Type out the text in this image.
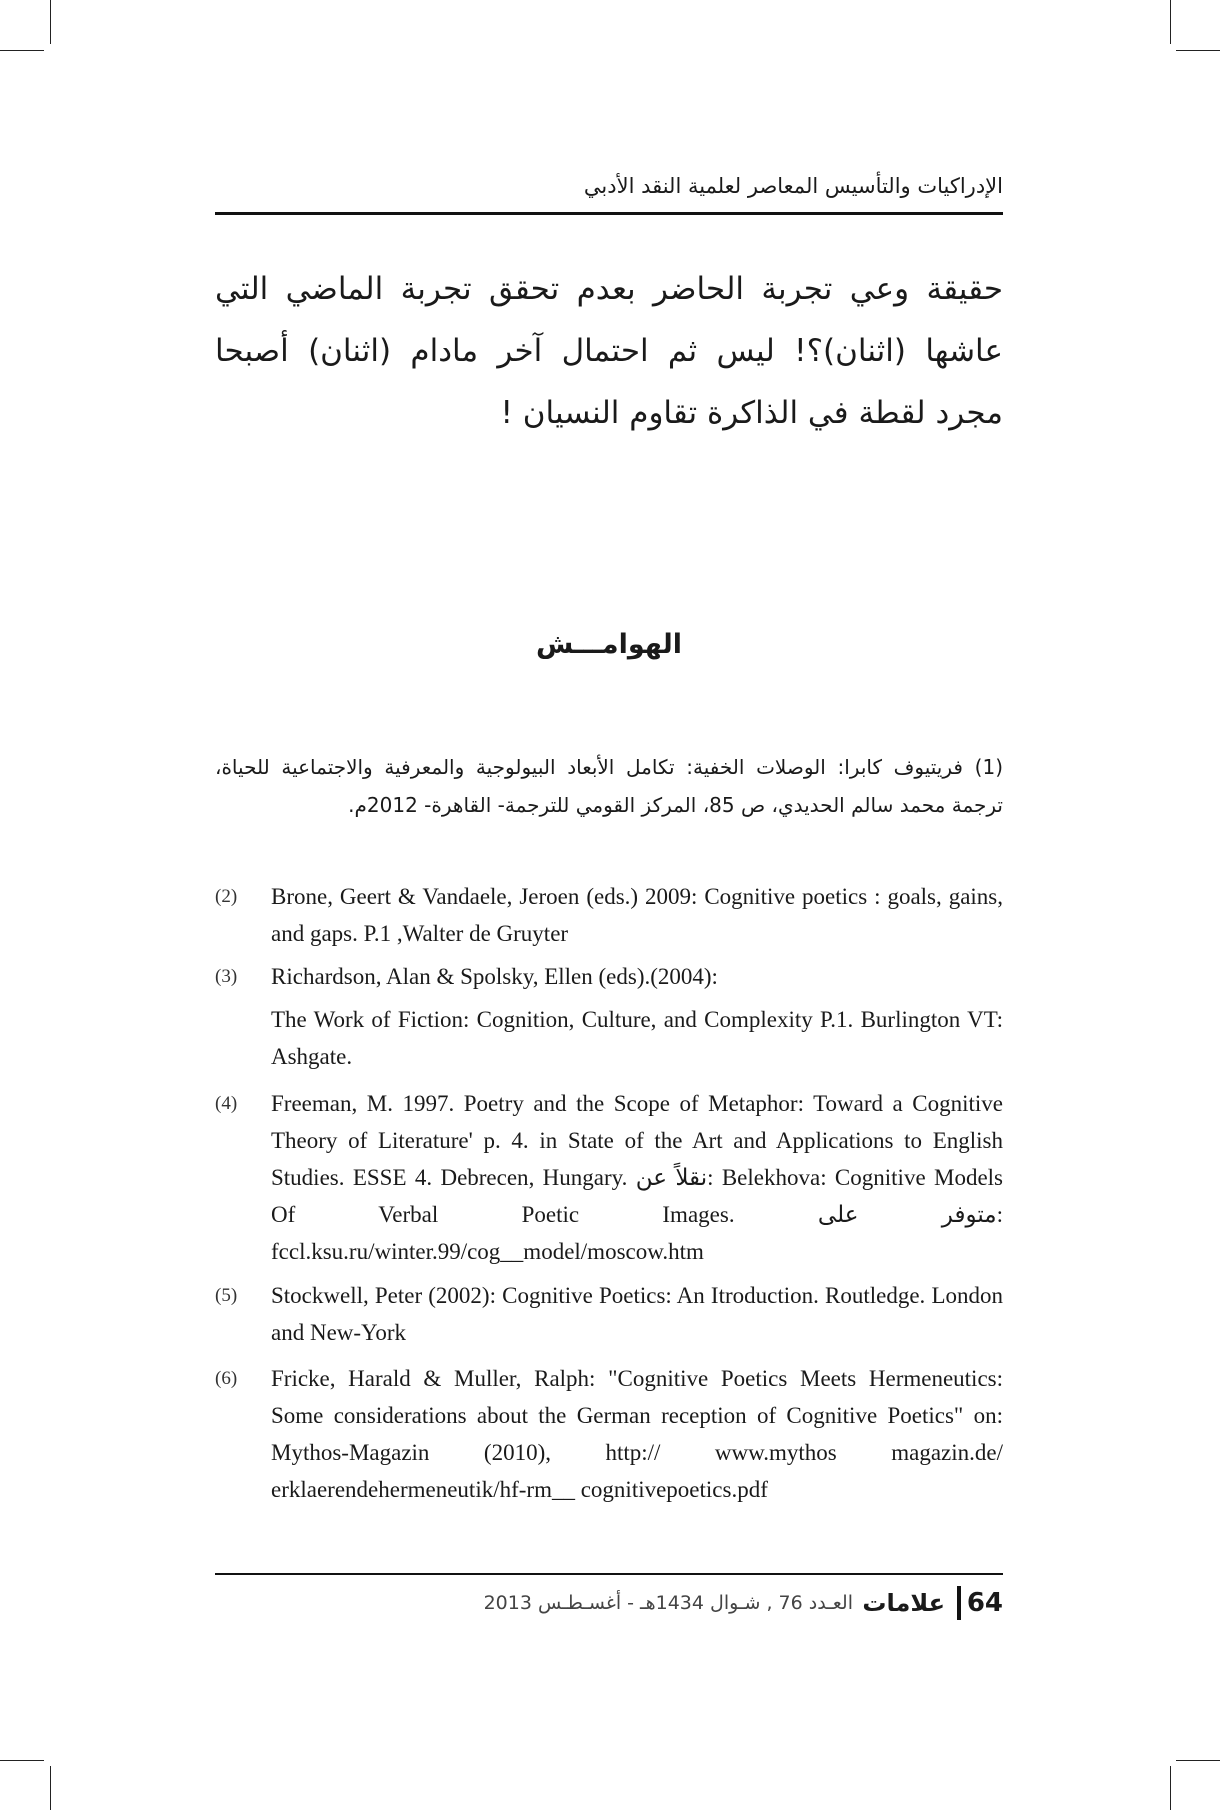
الإدراكيات والتأسيس المعاصر لعلمية النقد الأدبي

حقيقة وعي تجربة الحاضر بعدم تحقق تجربة الماضي التي عاشها (اثنان)؟! ليس ثم احتمال آخر مادام (اثنان) أصبحا مجرد لقطة في الذاكرة تقاوم النسيان !

الهوامـــش
(1) فريتيوف كابرا: الوصلات الخفية: تكامل الأبعاد البيولوجية والمعرفية والاجتماعية للحياة، ترجمة محمد سالم الحديدي، ص 85، المركز القومي للترجمة- القاهرة- 2012م.
(2)	Brone, Geert & Vandaele, Jeroen (eds.) 2009: Cognitive poetics : goals, gains, and gaps. P.1 ,Walter de Gruyter
(3)	Richardson, Alan & Spolsky, Ellen (eds).(2004):
The Work of Fiction: Cognition, Culture, and Complexity P.1. Burlington VT: Ashgate.
(4)	Freeman, M. 1997. Poetry and the Scope of Metaphor: Toward a Cognitive Theory of Literature' p. 4. in State of the Art and Applications to English Studies. ESSE 4. Debrecen, Hungary. نقلاً عن: Belekhova: Cognitive Models Of Verbal Poetic Images. متوفر على: fccl.ksu.ru/winter.99/cog__model/moscow.htm
(5)	Stockwell, Peter (2002): Cognitive Poetics: An Itroduction. Routledge. London and New-York
(6)	Fricke, Harald & Muller, Ralph: "Cognitive Poetics Meets Hermeneutics: Some considerations about the German reception of Cognitive Poetics" on: Mythos-Magazin (2010), http:// www.mythos magazin.de/ erklaerendehermeneutik/hf-rm__ cognitivepoetics.pdf
64
علامات
العـدد 76 , شـوال 1434هـ - أغسـطـس 2013
